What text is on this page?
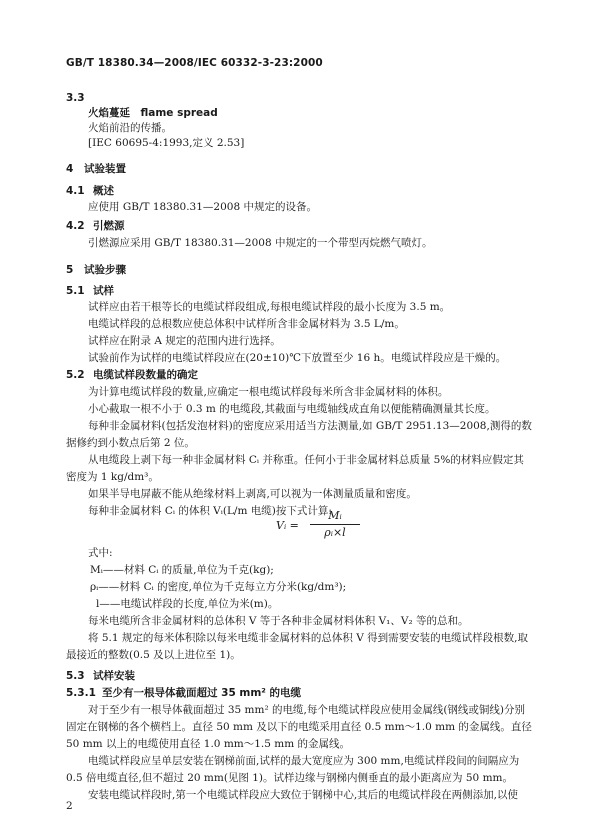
GB/T 18380.34—2008/IEC 60332-3-23:2000
3.3
火焰蔓延　flame spread
火焰前沿的传播。
[IEC 60695-4:1993,定义 2.53]
4 试验装置
4.1 概述
应使用 GB/T 18380.31—2008 中规定的设备。
4.2 引燃源
引燃源应采用 GB/T 18380.31—2008 中规定的一个带型丙烷燃气喷灯。
5 试验步骤
5.1 试样
试样应由若干根等长的电缆试样段组成,每根电缆试样段的最小长度为 3.5 m。
电缆试样段的总根数应使总体积中试样所含非金属材料为 3.5 L/m。
试样应在附录 A 规定的范围内进行选择。
试验前作为试样的电缆试样段应在(20±10)℃下放置至少 16 h。电缆试样段应是干燥的。
5.2 电缆试样段数量的确定
为计算电缆试样段的数量,应确定一根电缆试样段每米所含非金属材料的体积。
小心截取一根不小于 0.3 m 的电缆段,其截面与电缆轴线成直角以便能精确测量其长度。
每种非金属材料(包括发泡材料)的密度应采用适当方法测量,如 GB/T 2951.13—2008,测得的数
据修约到小数点后第 2 位。
从电缆段上剥下每一种非金属材料 Cᵢ 并称重。任何小于非金属材料总质量 5%的材料应假定其
密度为 1 kg/dm³。
如果半导电屏蔽不能从绝缘材料上剥离,可以视为一体测量质量和密度。
每种非金属材料 Cᵢ 的体积 Vᵢ(L/m 电缆)按下式计算:
Vᵢ =
Mᵢ
ρᵢ×l
式中:
Mᵢ——材料 Cᵢ 的质量,单位为千克(kg);
ρᵢ——材料 Cᵢ 的密度,单位为千克每立方分米(kg/dm³);
l——电缆试样段的长度,单位为米(m)。
每米电缆所含非金属材料的总体积 V 等于各种非金属材料体积 V₁、V₂ 等的总和。
将 5.1 规定的每米体积除以每米电缆非金属材料的总体积 V 得到需要安装的电缆试样段根数,取
最接近的整数(0.5 及以上进位至 1)。
5.3 试样安装
5.3.1 至少有一根导体截面超过 35 mm² 的电缆
对于至少有一根导体截面超过 35 mm² 的电缆,每个电缆试样段应使用金属线(钢线或铜线)分别
固定在钢梯的各个横档上。直径 50 mm 及以下的电缆采用直径 0.5 mm～1.0 mm 的金属线。直径
50 mm 以上的电缆使用直径 1.0 mm～1.5 mm 的金属线。
电缆试样段应呈单层安装在钢梯前面,试样的最大宽度应为 300 mm,电缆试样段间的间隔应为
0.5 倍电缆直径,但不超过 20 mm(见图 1)。试样边缘与钢梯内侧垂直的最小距离应为 50 mm。
安装电缆试样段时,第一个电缆试样段应大致位于钢梯中心,其后的电缆试样段在两侧添加,以使
2
